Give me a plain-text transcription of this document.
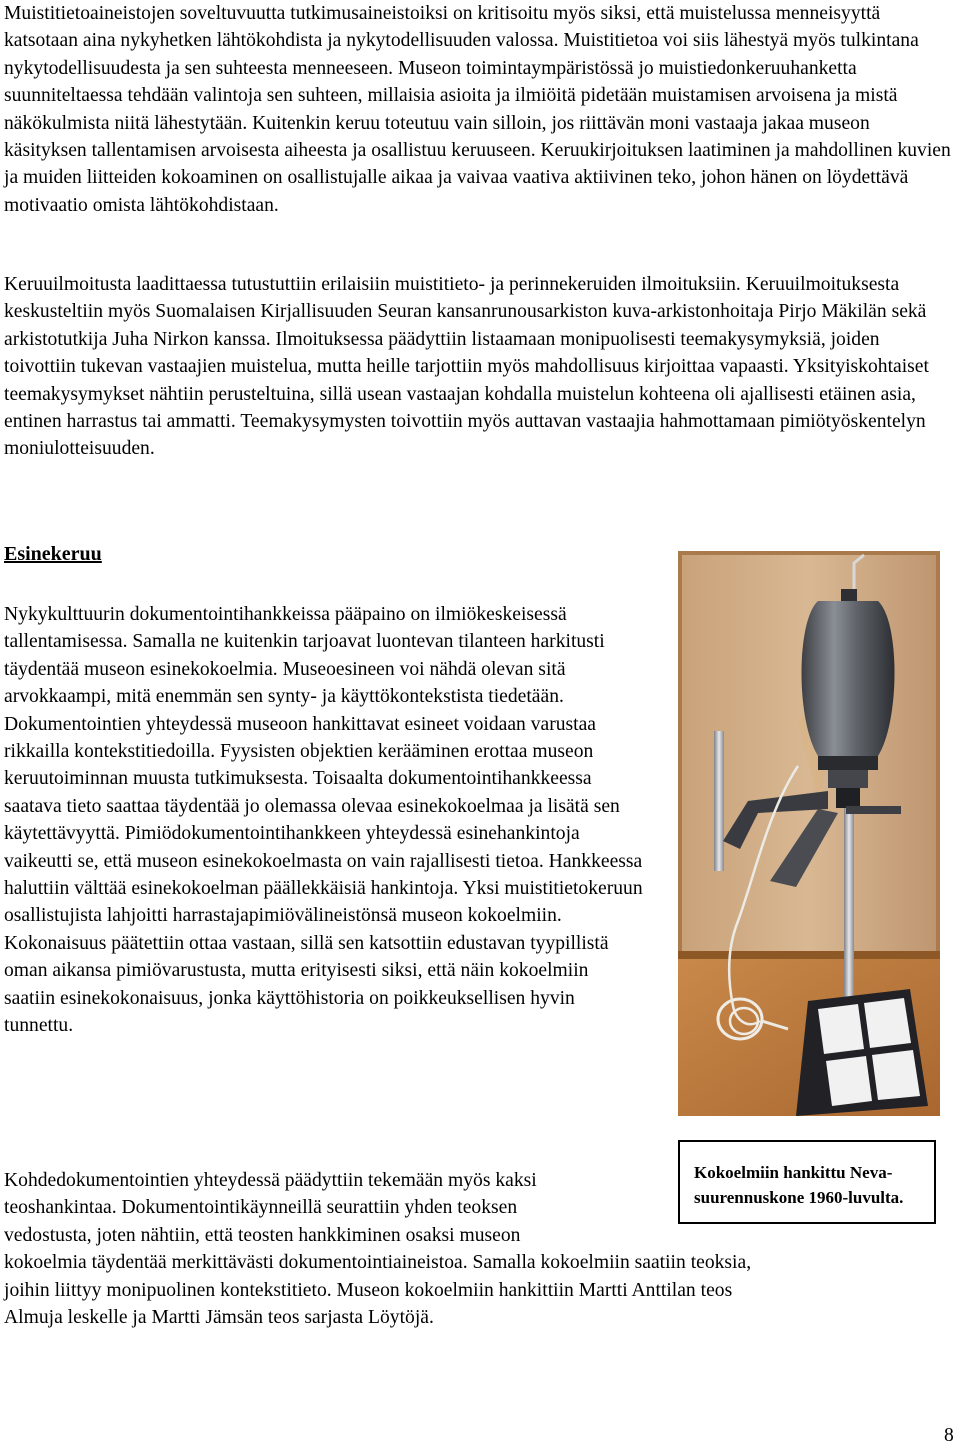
Muistitietoaineistojen soveltuvuutta tutkimusaineistoiksi on kritisoitu myös siksi, että muistelussa menneisyyttä katsotaan aina nykyhetken lähtökohdista ja nykytodellisuuden valossa. Muistitietoa voi siis lähestyä myös tulkintana nykytodellisuudesta ja sen suhteesta menneeseen. Museon toimintaympäristössä jo muistiedonkeruuhanketta suunniteltaessa tehdään valintoja sen suhteen, millaisia asioita ja ilmiöitä pidetään muistamisen arvoisena ja mistä näkökulmista niitä lähestytään. Kuitenkin keruu toteutuu vain silloin, jos riittävän moni vastaaja jakaa museon käsityksen tallentamisen arvoisesta aiheesta ja osallistuu keruuseen. Keruukirjoituksen laatiminen ja mahdollinen kuvien ja muiden liitteiden kokoaminen on osallistujalle aikaa ja vaivaa vaativa aktiivinen teko, johon hänen on löydettävä motivaatio omista lähtökohdistaan.

Keruuilmoitusta laadittaessa tutustuttiin erilaisiin muistitieto- ja perinnekeruiden ilmoituksiin. Keruuilmoituksesta keskusteltiin myös Suomalaisen Kirjallisuuden Seuran kansanrunousarkiston kuva-arkistonhoitaja Pirjo Mäkilän sekä arkistotutkija Juha Nirkon kanssa. Ilmoituksessa päädyttiin listaamaan monipuolisesti teemakysymyksiä, joiden toivottiin tukevan vastaajien muistelua, mutta heille tarjottiin myös mahdollisuus kirjoittaa vapaasti. Yksityiskohtaiset teemakysymykset nähtiin perusteltuina, sillä usean vastaajan kohdalla muistelun kohteena oli ajallisesti etäinen asia, entinen harrastus tai ammatti. Teemakysymysten toivottiin myös auttavan vastaajia hahmottamaan pimiötyöskentelyn moniulotteisuuden.

Esinekeruu

Nykykulttuurin dokumentointihankkeissa pääpaino on ilmiökeskeisessä tallentamisessa. Samalla ne kuitenkin tarjoavat luontevan tilanteen harkitusti täydentää museon esinekokoelmia. Museoesineen voi nähdä olevan sitä arvokkaampi, mitä enemmän sen synty- ja käyttökontekstista tiedetään. Dokumentointien yhteydessä museoon hankittavat esineet voidaan varustaa rikkailla kontekstitiedoilla. Fyysisten objektien kerääminen erottaa museon keruutoiminnan muusta tutkimuksesta. Toisaalta dokumentointihankkeessa saatava tieto saattaa täydentää jo olemassa olevaa esinekokoelmaa ja lisätä sen käytettävyyttä. Pimiödokumentointihankkeen yhteydessä esinehankintoja vaikeutti se, että museon esinekokoelmasta on vain rajallisesti tietoa. Hankkeessa haluttiin välttää esinekokoelman päällekkäisiä hankintoja. Yksi muistitietokeruun osallistujista lahjoitti harrastajapimiövälineistönsä museon kokoelmiin. Kokonaisuus päätettiin ottaa vastaan, sillä sen katsottiin edustavan tyypillistä oman aikansa pimiövarustusta, mutta erityisesti siksi, että näin kokoelmiin saatiin esinekokonaisuus, jonka käyttöhistoria on poikkeuksellisen hyvin tunnettu.

Kohdedokumentointien yhteydessä päädyttiin tekemään myös kaksi
teoshankintaa. Dokumentointikäynneillä seurattiin yhden teoksen
vedostusta, joten nähtiin, että teosten hankkiminen osaksi museon
kokoelmia täydentää merkittävästi dokumentointiaineistoa. Samalla kokoelmiin saatiin teoksia,
joihin liittyy monipuolinen kontekstitieto. Museon kokoelmiin hankittiin Martti Anttilan teos
Almuja leskelle ja Martti Jämsän teos sarjasta Löytöjä.
Kokoelmiin hankittu Neva-suurennuskone 1960-luvulta.
8
